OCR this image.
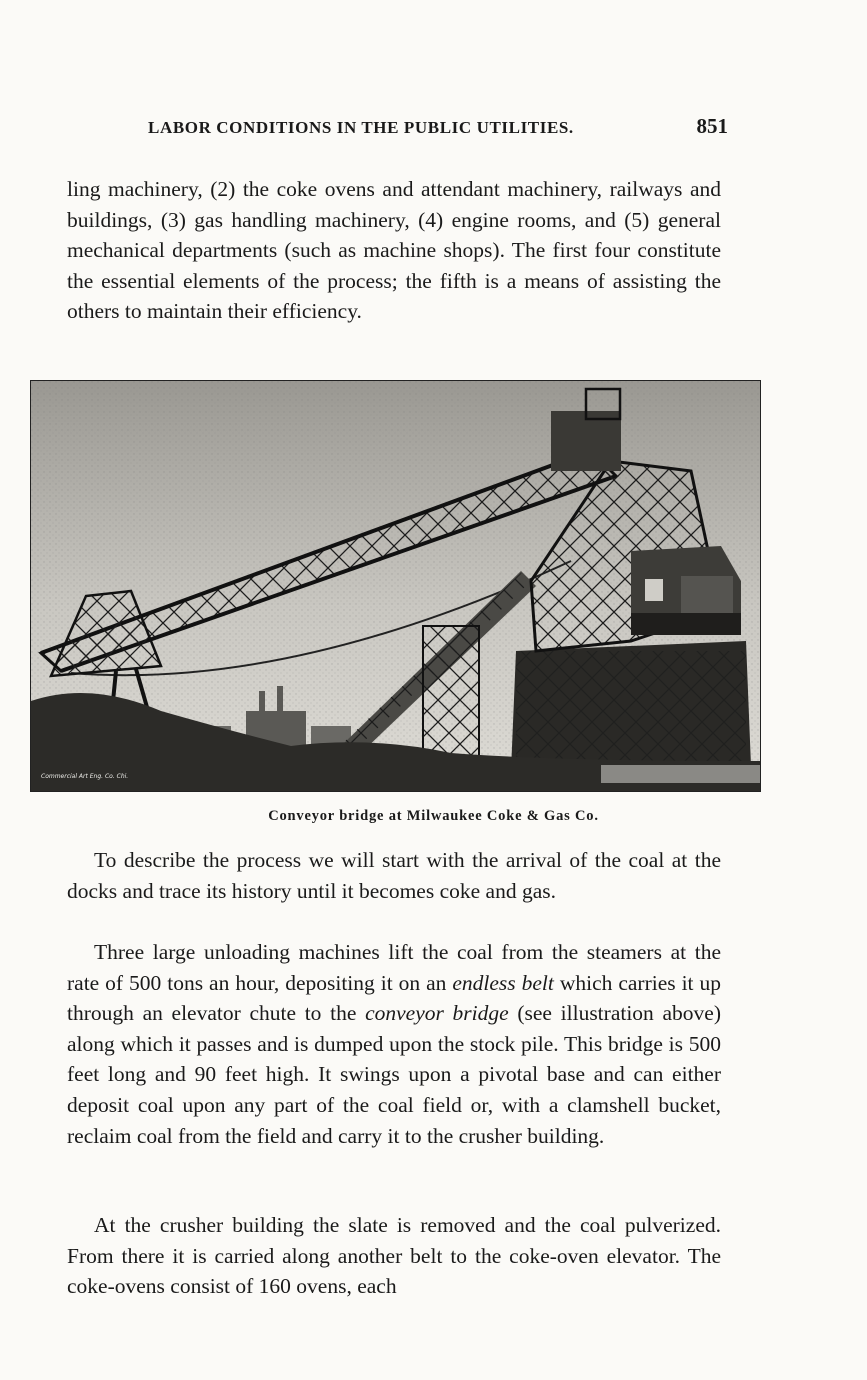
LABOR CONDITIONS IN THE PUBLIC UTILITIES.	851

ling machinery, (2) the coke ovens and attendant machinery, railways and buildings, (3) gas handling machinery, (4) engine rooms, and (5) general mechanical departments (such as machine shops). The first four constitute the essential elements of the process; the fifth is a means of assisting the others to maintain their efficiency.

Commercial Art Eng. Co. Chi.
Conveyor bridge at Milwaukee Coke & Gas Co.

To describe the process we will start with the arrival of the coal at the docks and trace its history until it becomes coke and gas.

Three large unloading machines lift the coal from the steamers at the rate of 500 tons an hour, depositing it on an endless belt which carries it up through an elevator chute to the conveyor bridge (see illustration above) along which it passes and is dumped upon the stock pile. This bridge is 500 feet long and 90 feet high. It swings upon a pivotal base and can either deposit coal upon any part of the coal field or, with a clamshell bucket, reclaim coal from the field and carry it to the crusher building.

At the crusher building the slate is removed and the coal pulverized. From there it is carried along another belt to the coke-oven elevator. The coke-ovens consist of 160 ovens, each
